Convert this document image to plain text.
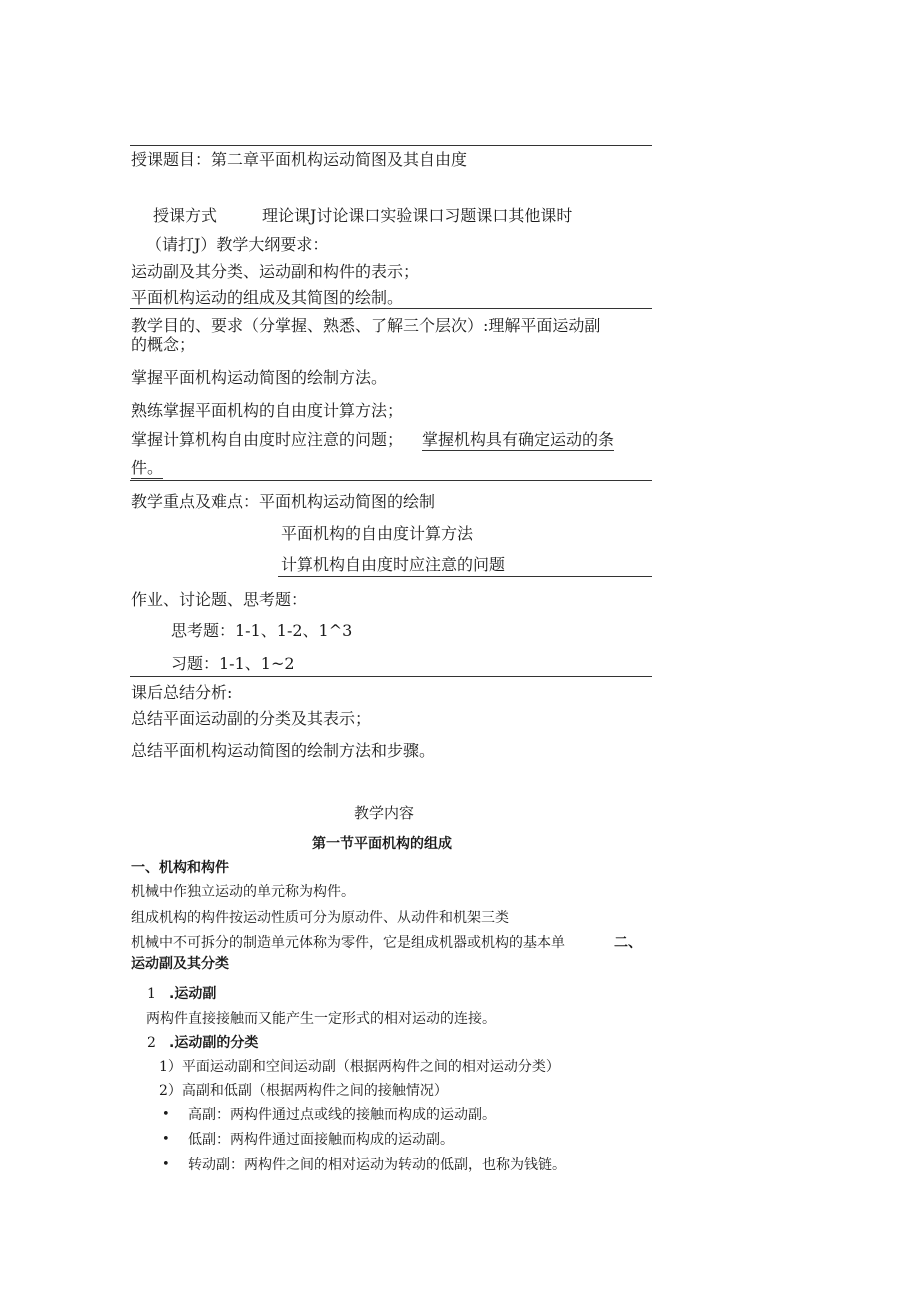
授课题目：第二章平面机构运动简图及其自由度
授课方式	理论课J讨论课口实验课口习题课口其他课时
（请打J）教学大纲要求：
运动副及其分类、运动副和构件的表示；
平面机构运动的组成及其简图的绘制。
教学目的、要求（分掌握、熟悉、了解三个层次）:理解平面运动副
的概念；
掌握平面机构运动简图的绘制方法。
熟练掌握平面机构的自由度计算方法；
掌握计算机构自由度时应注意的问题； 掌握机构具有确定运动的条
件。
教学重点及难点：平面机构运动简图的绘制
平面机构的自由度计算方法
计算机构自由度时应注意的问题
作业、讨论题、思考题：
思考题：1-1、1-2、1^3
习题：1-1、1~2
课后总结分析:
总结平面运动副的分类及其表示；
总结平面机构运动简图的绘制方法和步骤。
教学内容
第一节平面机构的组成
一、机构和构件
机械中作独立运动的单元称为构件。
组成机构的构件按运动性质可分为原动件、从动件和机架三类
机械中不可拆分的制造单元体称为零件，它是组成机器或机构的基本单	二、
运动副及其分类
1 .运动副
两构件直接接触而又能产生一定形式的相对运动的连接。
2 .运动副的分类
1）平面运动副和空间运动副（根据两构件之间的相对运动分类）
2）高副和低副（根据两构件之间的接触情况）
• 高副：两构件通过点或线的接触而构成的运动副。
• 低副：两构件通过面接触而构成的运动副。
• 转动副：两构件之间的相对运动为转动的低副，也称为钱链。
